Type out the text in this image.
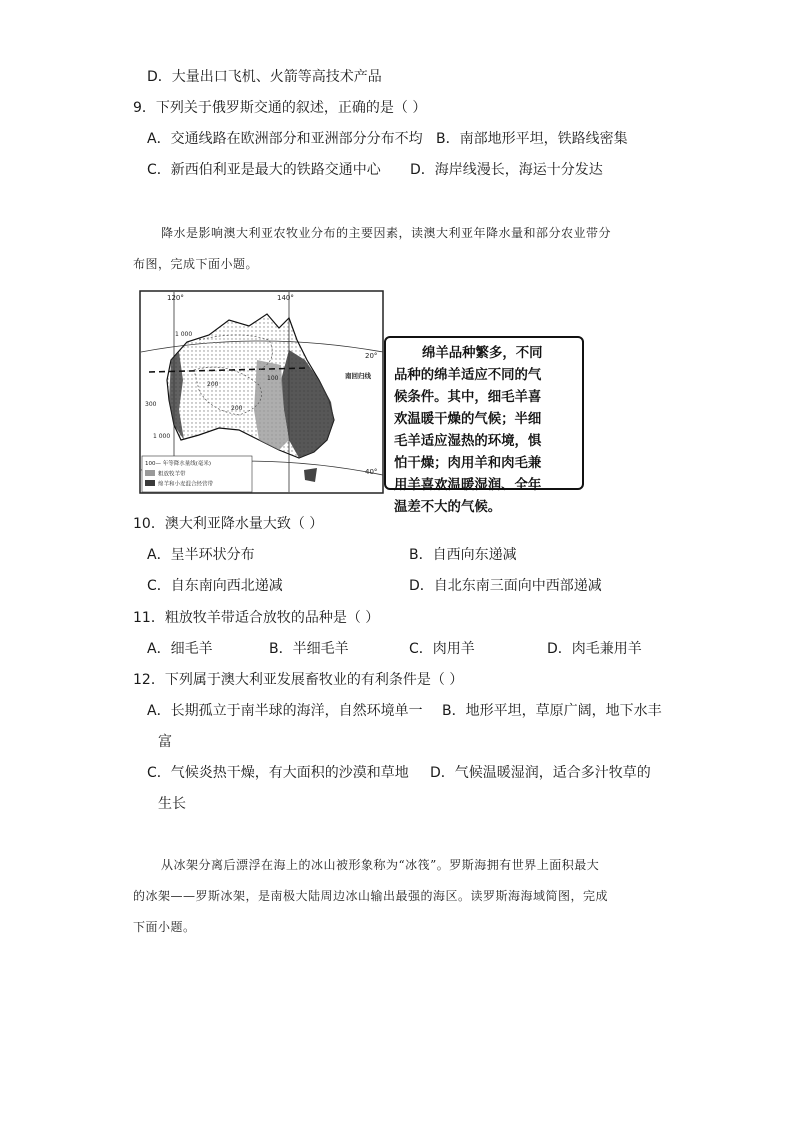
D．大量出口飞机、火箭等高技术产品
9．下列关于俄罗斯交通的叙述，正确的是（ ）
A．交通线路在欧洲部分和亚洲部分分布不均 B．南部地形平坦，铁路线密集
C．新西伯利亚是最大的铁路交通中心 D．海岸线漫长，海运十分发达
降水是影响澳大利亚农牧业分布的主要因素，读澳大利亚年降水量和部分农业带分
布图，完成下面小题。
120°	140°
20°
40°
1 000
200
100
300
1 000
200
南回归线
100— 年等降水量线(毫米)
粗放牧羊带
绵羊和小麦混合经营带
绵羊品种繁多，不同
品种的绵羊适应不同的气
候条件。其中，细毛羊喜
欢温暖干燥的气候；半细
毛羊适应湿热的环境，惧
怕干燥；肉用羊和肉毛兼
用羊喜欢温暖湿润、全年
温差不大的气候。
10．澳大利亚降水量大致（ ）
A．呈半环状分布	B．自西向东递减
C．自东南向西北递减	D．自北东南三面向中西部递减
11．粗放牧羊带适合放牧的品种是（ ）
A．细毛羊	B．半细毛羊	C．肉用羊	D．肉毛兼用羊
12．下列属于澳大利亚发展畜牧业的有利条件是（ ）
A．长期孤立于南半球的海洋，自然环境单一 B．地形平坦，草原广阔，地下水丰
富
C．气候炎热干燥，有大面积的沙漠和草地 D．气候温暖湿润，适合多汁牧草的
生长
从冰架分离后漂浮在海上的冰山被形象称为“冰筏”。罗斯海拥有世界上面积最大
的冰架——罗斯冰架，是南极大陆周边冰山输出最强的海区。读罗斯海海域简图，完成
下面小题。
